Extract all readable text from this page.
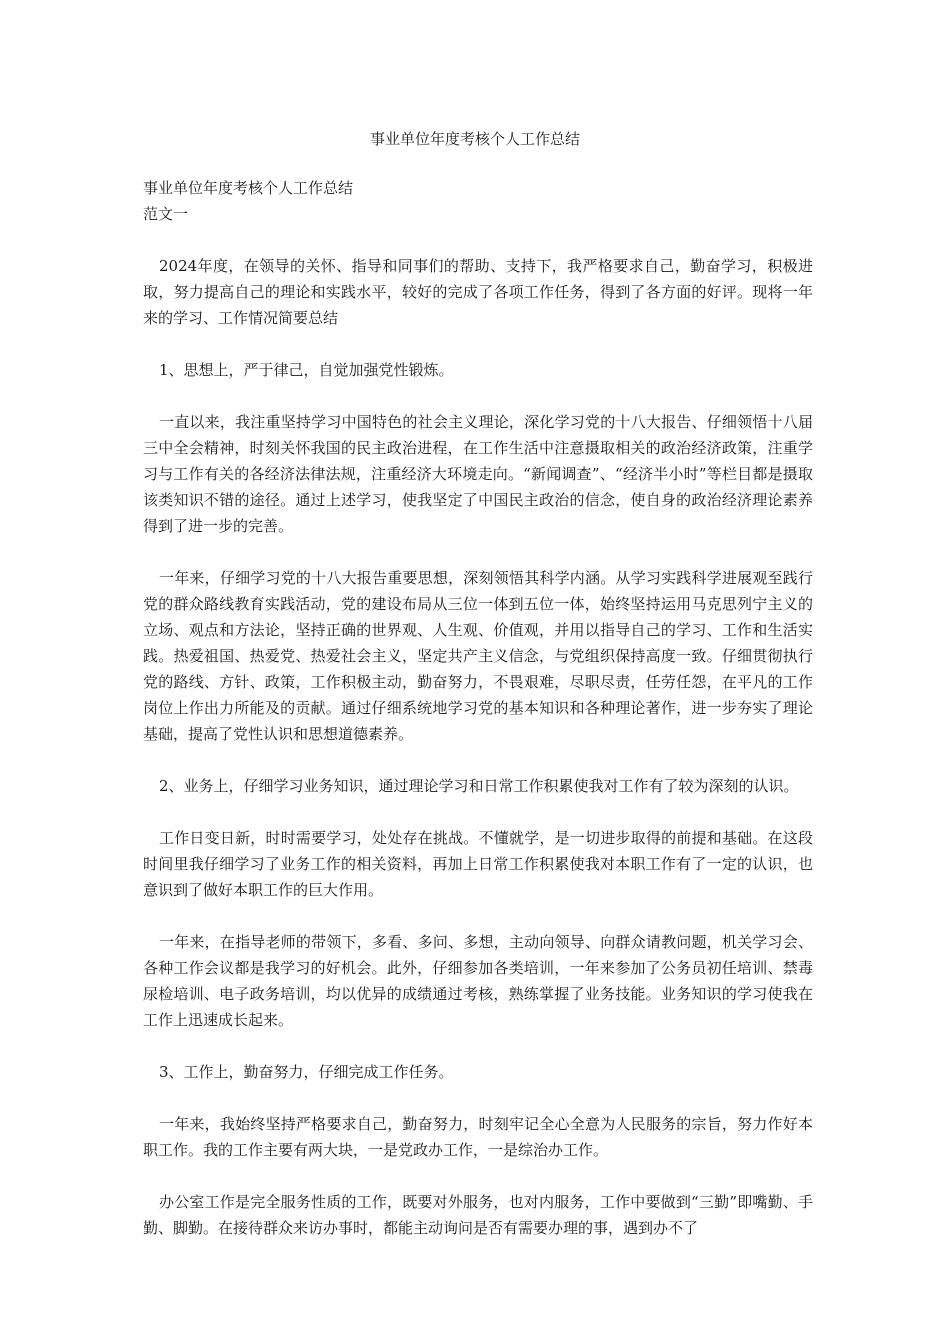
事业单位年度考核个人工作总结

事业单位年度考核个人工作总结

范文一

2024年度，在领导的关怀、指导和同事们的帮助、支持下，我严格要求自己，勤奋学习，积极进取，努力提高自己的理论和实践水平，较好的完成了各项工作任务，得到了各方面的好评。现将一年来的学习、工作情况简要总结

1、思想上，严于律己，自觉加强党性锻炼。

一直以来，我注重坚持学习中国特色的社会主义理论，深化学习党的十八大报告、仔细领悟十八届三中全会精神，时刻关怀我国的民主政治进程，在工作生活中注意摄取相关的政治经济政策，注重学习与工作有关的各经济法律法规，注重经济大环境走向。“新闻调查”、“经济半小时”等栏目都是摄取该类知识不错的途径。通过上述学习，使我坚定了中国民主政治的信念，使自身的政治经济理论素养得到了进一步的完善。

一年来，仔细学习党的十八大报告重要思想，深刻领悟其科学内涵。从学习实践科学进展观至践行党的群众路线教育实践活动，党的建设布局从三位一体到五位一体，始终坚持运用马克思列宁主义的立场、观点和方法论，坚持正确的世界观、人生观、价值观，并用以指导自己的学习、工作和生活实践。热爱祖国、热爱党、热爱社会主义，坚定共产主义信念，与党组织保持高度一致。仔细贯彻执行党的路线、方针、政策，工作积极主动，勤奋努力，不畏艰难，尽职尽责，任劳任怨，在平凡的工作岗位上作出力所能及的贡献。通过仔细系统地学习党的基本知识和各种理论著作，进一步夯实了理论基础，提高了党性认识和思想道德素养。

2、业务上，仔细学习业务知识，通过理论学习和日常工作积累使我对工作有了较为深刻的认识。

工作日变日新，时时需要学习，处处存在挑战。不懂就学，是一切进步取得的前提和基础。在这段时间里我仔细学习了业务工作的相关资料，再加上日常工作积累使我对本职工作有了一定的认识，也意识到了做好本职工作的巨大作用。

一年来，在指导老师的带领下，多看、多问、多想，主动向领导、向群众请教问题，机关学习会、各种工作会议都是我学习的好机会。此外，仔细参加各类培训，一年来参加了公务员初任培训、禁毒尿检培训、电子政务培训，均以优异的成绩通过考核，熟练掌握了业务技能。业务知识的学习使我在工作上迅速成长起来。

3、工作上，勤奋努力，仔细完成工作任务。

一年来，我始终坚持严格要求自己，勤奋努力，时刻牢记全心全意为人民服务的宗旨，努力作好本职工作。我的工作主要有两大块，一是党政办工作，一是综治办工作。

办公室工作是完全服务性质的工作，既要对外服务，也对内服务，工作中要做到“三勤”即嘴勤、手勤、脚勤。在接待群众来访办事时，都能主动询问是否有需要办理的事，遇到办不了
